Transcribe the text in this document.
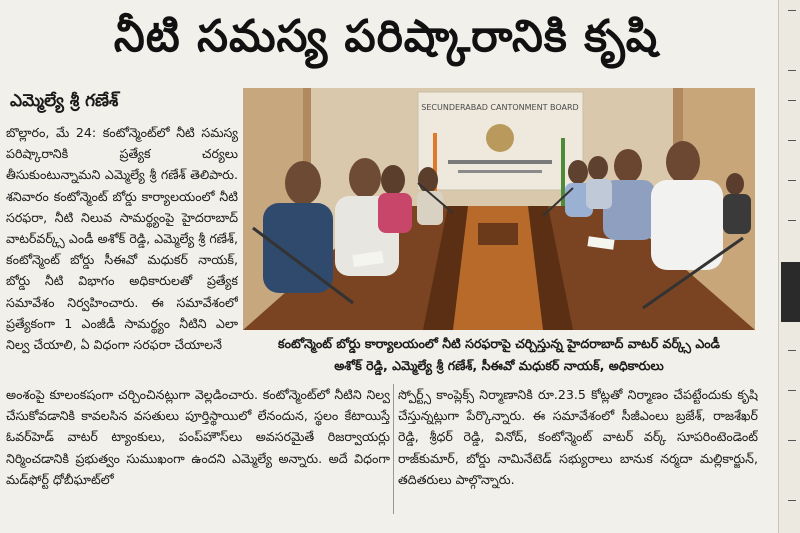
నీటి సమస్య పరిష్కారానికి కృషి
ఎమ్మెల్యే శ్రీ గణేశ్

బొల్లారం, మే 24: కంటోన్మెంట్‌లో నీటి సమస్య పరిష్కారానికి ప్రత్యేక చర్యలు తీసుకుంటున్నామని ఎమ్మెల్యే శ్రీ గణేశ్ తెలిపారు. శనివారం కంటోన్మెంట్ బోర్డు కార్యాలయంలో నీటి సరఫరా, నీటి నిలువ సామర్థ్యంపై హైదరాబాద్ వాటర్‌వర్క్స్ ఎండీ అశోక్ రెడ్డి, ఎమ్మెల్యే శ్రీ గణేశ్, కంటోన్మెంట్ బోర్డు సీఈవో మధుకర్ నాయక్, బోర్డు నీటి విభాగం అధికారులతో ప్రత్యేక సమావేశం నిర్వహించారు. ఈ సమావేశంలో ప్రత్యేకంగా 1 ఎంజీడీ సామర్థ్యం నీటిని ఎలా నిల్వ చేయాలి, ఏ విధంగా సరఫరా చేయాలనే

SECUNDERABAD CANTONMENT BOARD
కంటోన్మెంట్ బోర్డు కార్యాలయంలో నీటి సరఫరాపై చర్చిస్తున్న హైదరాబాద్ వాటర్ వర్క్స్ ఎండీ
అశోక్ రెడ్డి, ఎమ్మెల్యే శ్రీ గణేశ్, సీఈవో మధుకర్ నాయక్, అధికారులు

అంశంపై కూలంకషంగా చర్చించినట్లుగా వెల్లడించారు. కంటోన్మెంట్‌లో నీటిని నిల్వ చేసుకోవడానికి కావలసిన వసతులు పూర్తిస్థాయిలో లేనందున, స్థలం కేటాయిస్తే ఓవర్‌హెడ్ వాటర్ ట్యాంకులు, పంప్‌హౌస్‌లు అవసరమైతే రిజర్వాయర్లు నిర్మించడానికి ప్రభుత్వం సుముఖంగా ఉందని ఎమ్మెల్యే అన్నారు. అదే విధంగా మడ్‌ఫోర్ట్ ధోబీఘాట్‌లో

స్పోర్ట్స్ కాంప్లెక్స్ నిర్మాణానికి రూ.23.5 కోట్లతో నిర్మాణం చేపట్టేందుకు కృషి చేస్తున్నట్లుగా పేర్కొన్నారు. ఈ సమావేశంలో సీజీఎంలు బ్రజేశ్, రాజశేఖర్ రెడ్డి, శ్రీధర్ రెడ్డి, వినోద్, కంటోన్మెంట్ వాటర్ వర్క్ సూపరింటెండెంట్ రాజ్‌కుమార్, బోర్డు నామినేటెడ్ సభ్యురాలు బానుక నర్మదా మల్లికార్జున్, తదితరులు పాల్గొన్నారు.
